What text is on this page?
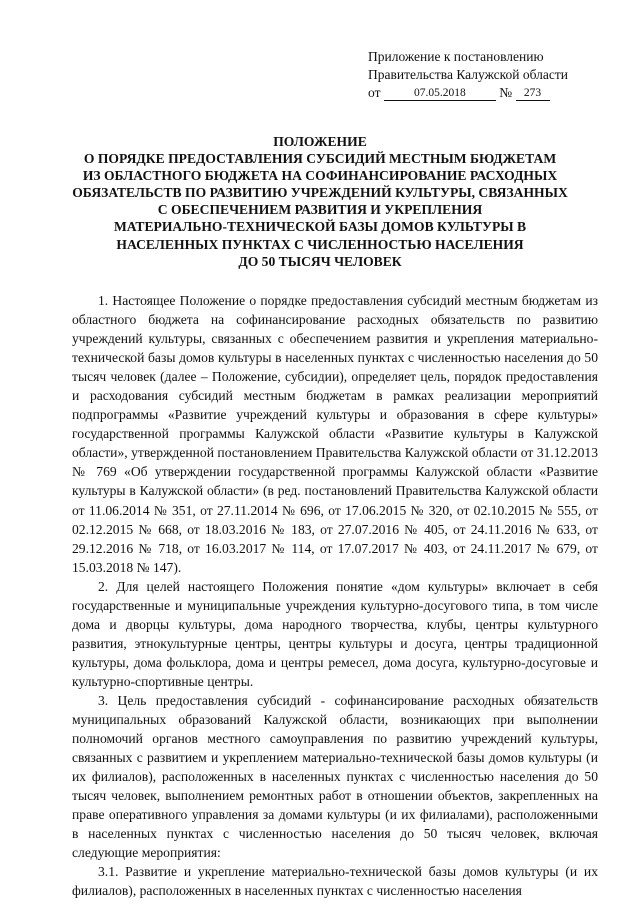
Приложение к постановлению
Правительства Калужской области
от	07.05.2018 № 273
ПОЛОЖЕНИЕ
О ПОРЯДКЕ ПРЕДОСТАВЛЕНИЯ СУБСИДИЙ МЕСТНЫМ БЮДЖЕТАМ
ИЗ ОБЛАСТНОГО БЮДЖЕТА НА СОФИНАНСИРОВАНИЕ РАСХОДНЫХ
ОБЯЗАТЕЛЬСТВ ПО РАЗВИТИЮ УЧРЕЖДЕНИЙ КУЛЬТУРЫ, СВЯЗАННЫХ
С ОБЕСПЕЧЕНИЕМ РАЗВИТИЯ И УКРЕПЛЕНИЯ
МАТЕРИАЛЬНО-ТЕХНИЧЕСКОЙ БАЗЫ ДОМОВ КУЛЬТУРЫ В
НАСЕЛЕННЫХ ПУНКТАХ С ЧИСЛЕННОСТЬЮ НАСЕЛЕНИЯ
ДО 50 ТЫСЯЧ ЧЕЛОВЕК

1. Настоящее Положение о порядке предоставления субсидий местным бюджетам из областного бюджета на софинансирование расходных обязательств по развитию учреждений культуры, связанных с обеспечением развития и укрепления материально-технической базы домов культуры в населенных пунктах с численностью населения до 50 тысяч человек (далее – Положение, субсидии), определяет цель, порядок предоставления и расходования субсидий местным бюджетам в рамках реализации мероприятий подпрограммы «Развитие учреждений культуры и образования в сфере культуры» государственной программы Калужской области «Развитие культуры в Калужской области», утвержденной постановлением Правительства Калужской области от 31.12.2013 № 769 «Об утверждении государственной программы Калужской области «Развитие культуры в Калужской области» (в ред. постановлений Правительства Калужской области от 11.06.2014 № 351, от 27.11.2014 № 696, от 17.06.2015 № 320, от 02.10.2015 № 555, от 02.12.2015 № 668, от 18.03.2016 № 183, от 27.07.2016 № 405, от 24.11.2016 № 633, от 29.12.2016 № 718, от 16.03.2017 № 114, от 17.07.2017 № 403, от 24.11.2017 № 679, от 15.03.2018 № 147).

2. Для целей настоящего Положения понятие «дом культуры» включает в себя государственные и муниципальные учреждения культурно-досугового типа, в том числе дома и дворцы культуры, дома народного творчества, клубы, центры культурного развития, этнокультурные центры, центры культуры и досуга, центры традиционной культуры, дома фольклора, дома и центры ремесел, дома досуга, культурно-досуговые и культурно-спортивные центры.

3. Цель предоставления субсидий - софинансирование расходных обязательств муниципальных образований Калужской области, возникающих при выполнении полномочий органов местного самоуправления по развитию учреждений культуры, связанных с развитием и укреплением материально-технической базы домов культуры (и их филиалов), расположенных в населенных пунктах с численностью населения до 50 тысяч человек, выполнением ремонтных работ в отношении объектов, закрепленных на праве оперативного управления за домами культуры (и их филиалами), расположенными в населенных пунктах с численностью населения до 50 тысяч человек, включая следующие мероприятия:

3.1. Развитие и укрепление материально-технической базы домов культуры (и их филиалов), расположенных в населенных пунктах с численностью населения
